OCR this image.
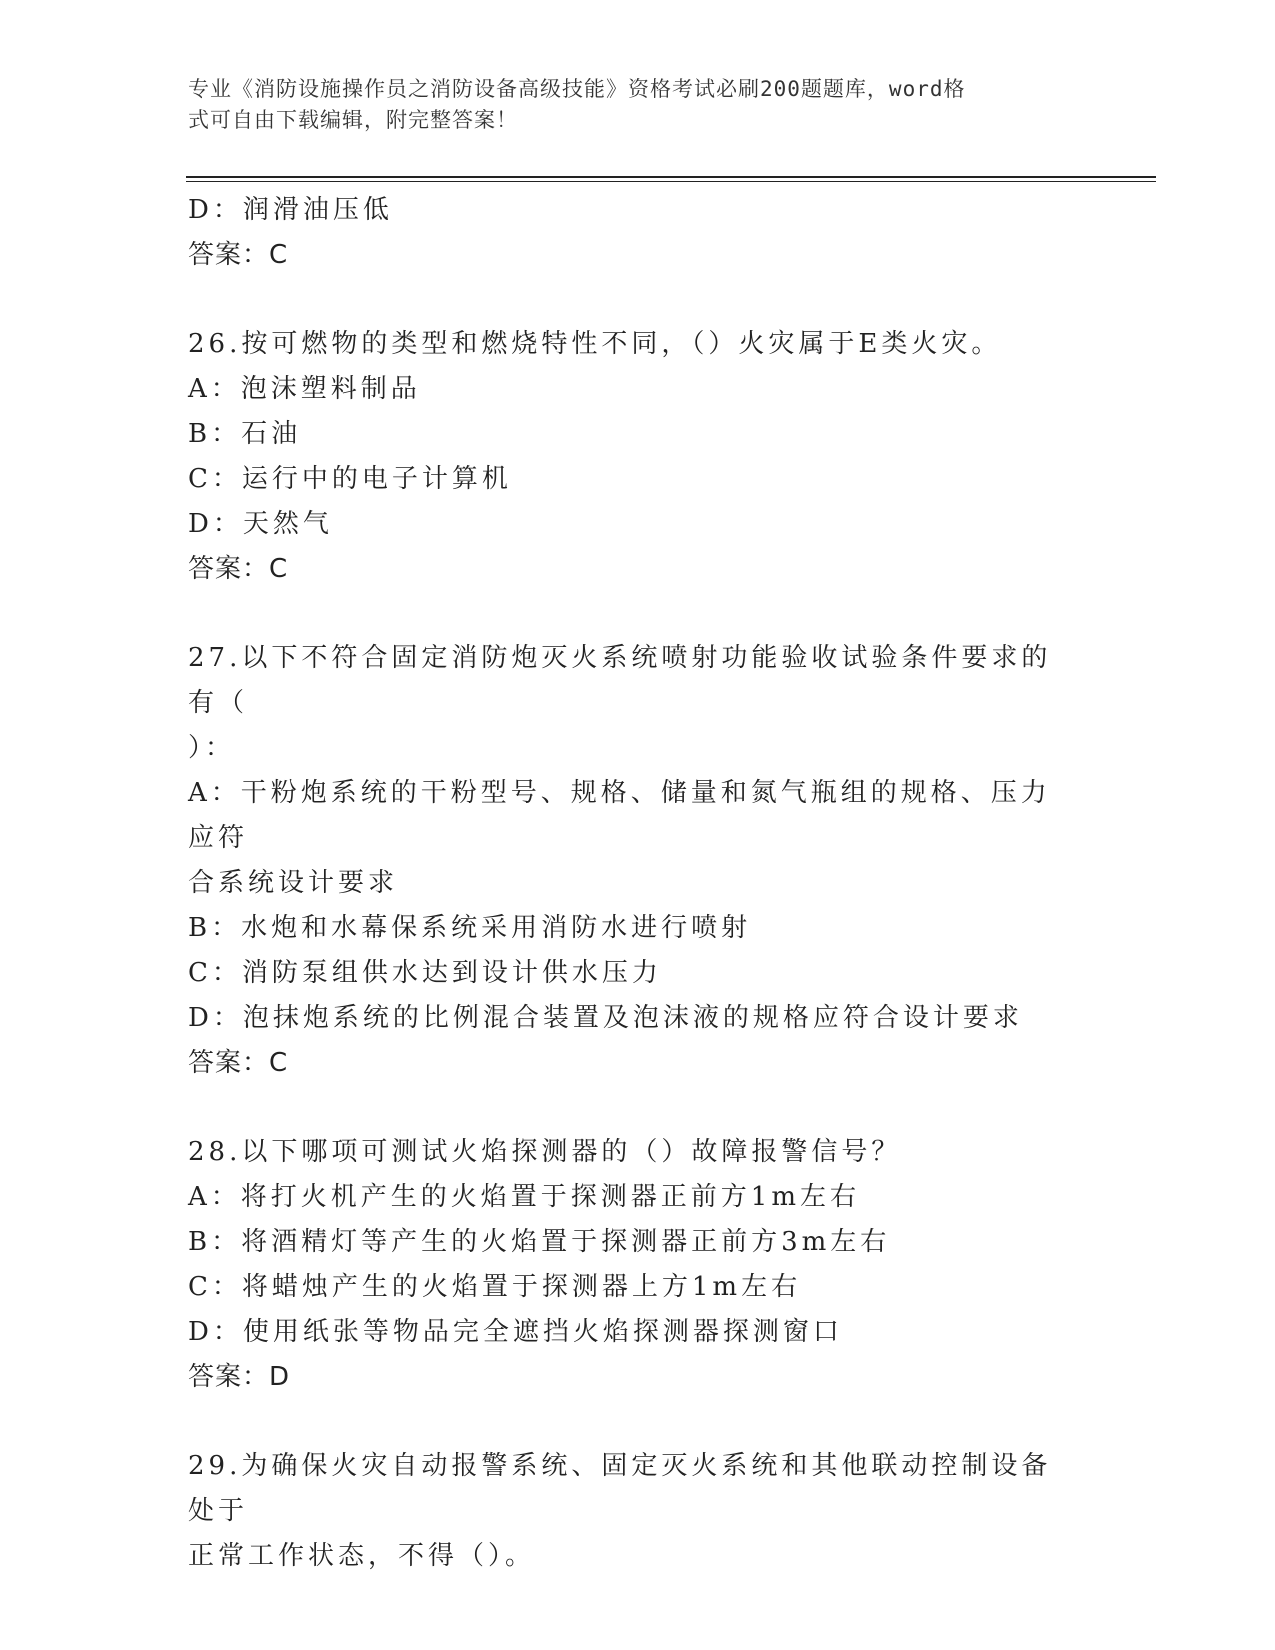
专业《消防设施操作员之消防设备高级技能》资格考试必刷200题题库，word格
式可自由下载编辑，附完整答案！

D：润滑油压低

答案：C

26.按可燃物的类型和燃烧特性不同，（）火灾属于E类火灾。

A：泡沫塑料制品

B：石油

C：运行中的电子计算机

D：天然气

答案：C

27.以下不符合固定消防炮灭火系统喷射功能验收试验条件要求的有（

）：

A：干粉炮系统的干粉型号、规格、储量和氮气瓶组的规格、压力应符

合系统设计要求

B：水炮和水幕保系统采用消防水进行喷射

C：消防泵组供水达到设计供水压力

D：泡抹炮系统的比例混合装置及泡沫液的规格应符合设计要求

答案：C

28.以下哪项可测试火焰探测器的（）故障报警信号？

A：将打火机产生的火焰置于探测器正前方1m左右

B：将酒精灯等产生的火焰置于探测器正前方3m左右

C：将蜡烛产生的火焰置于探测器上方1m左右

D：使用纸张等物品完全遮挡火焰探测器探测窗口

答案：D

29.为确保火灾自动报警系统、固定灭火系统和其他联动控制设备处于

正常工作状态，不得（）。
